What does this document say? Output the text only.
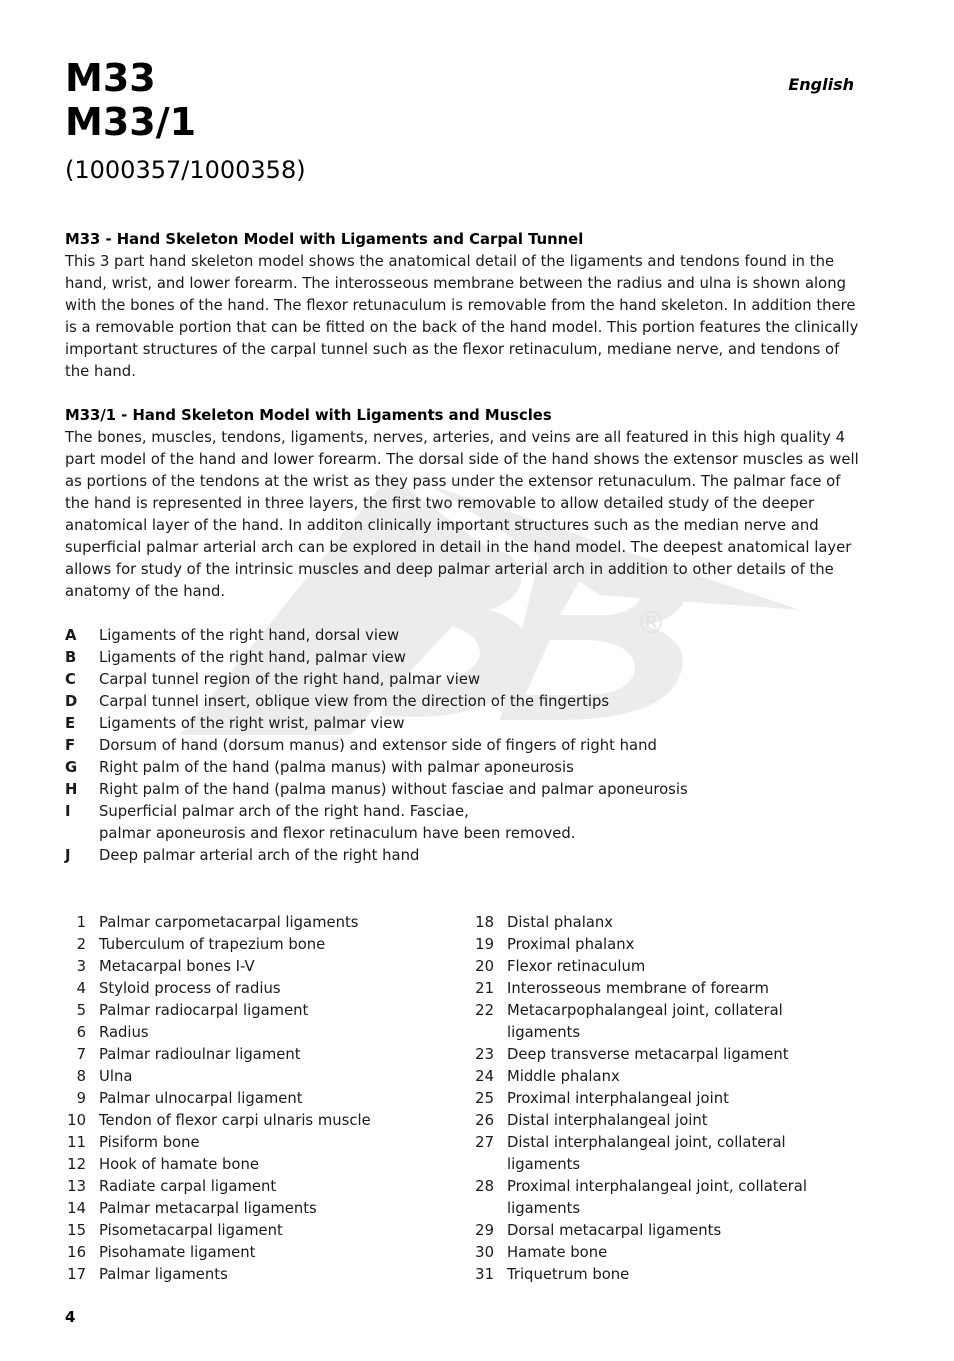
®
M33
M33/1
English
(1000357/1000358)
M33 - Hand Skeleton Model with Ligaments and Carpal Tunnel

This 3 part hand skeleton model shows the anatomical detail of the ligaments and tendons found in the hand, wrist, and lower forearm. The interosseous membrane between the radius and ulna is shown along with the bones of the hand. The flexor retunaculum is removable from the hand skeleton. In addition there is a removable portion that can be fitted on the back of the hand model. This portion features the clinically important structures of the carpal tunnel such as the flexor retinaculum, mediane nerve, and tendons of the hand.

M33/1 - Hand Skeleton Model with Ligaments and Muscles

The bones, muscles, tendons, ligaments, nerves, arteries, and veins are all featured in this high quality 4 part model of the hand and lower forearm. The dorsal side of the hand shows the extensor muscles as well as portions of the tendons at the wrist as they pass under the extensor retunaculum. The palmar face of the hand is represented in three layers, the first two removable to allow detailed study of the deeper anatomical layer of the hand. In additon clinically important structures such as the median nerve and superficial palmar arterial arch can be explored in detail in the hand model. The deepest anatomical layer allows for study of the intrinsic muscles and deep palmar arterial arch in addition to other details of the anatomy of the hand.

A	Ligaments of the right hand, dorsal view
B	Ligaments of the right hand, palmar view
C	Carpal tunnel region of the right hand, palmar view
D	Carpal tunnel insert, oblique view from the direction of the fingertips
E	Ligaments of the right wrist, palmar view
F	Dorsum of hand (dorsum manus) and extensor side of fingers of right hand
G	Right palm of the hand (palma manus) with palmar aponeurosis
H	Right palm of the hand (palma manus) without fasciae and palmar aponeurosis
I	Superficial palmar arch of the right hand. Fasciae,
palmar aponeurosis and flexor retinaculum have been removed.
J	Deep palmar arterial arch of the right hand
1 Palmar carpometacarpal ligaments
2 Tuberculum of trapezium bone
3 Metacarpal bones I-V
4 Styloid process of radius
5 Palmar radiocarpal ligament
6 Radius
7 Palmar radioulnar ligament
8 Ulna
9 Palmar ulnocarpal ligament
10 Tendon of flexor carpi ulnaris muscle
11 Pisiform bone
12 Hook of hamate bone
13 Radiate carpal ligament
14 Palmar metacarpal ligaments
15 Pisometacarpal ligament
16 Pisohamate ligament
17 Palmar ligaments
18 Distal phalanx
19 Proximal phalanx
20 Flexor retinaculum
21 Interosseous membrane of forearm
22 Metacarpophalangeal joint, collateral
ligaments
23 Deep transverse metacarpal ligament
24 Middle phalanx
25 Proximal interphalangeal joint
26 Distal interphalangeal joint
27 Distal interphalangeal joint, collateral
ligaments
28 Proximal interphalangeal joint, collateral
ligaments
29 Dorsal metacarpal ligaments
30 Hamate bone
31 Triquetrum bone
4
